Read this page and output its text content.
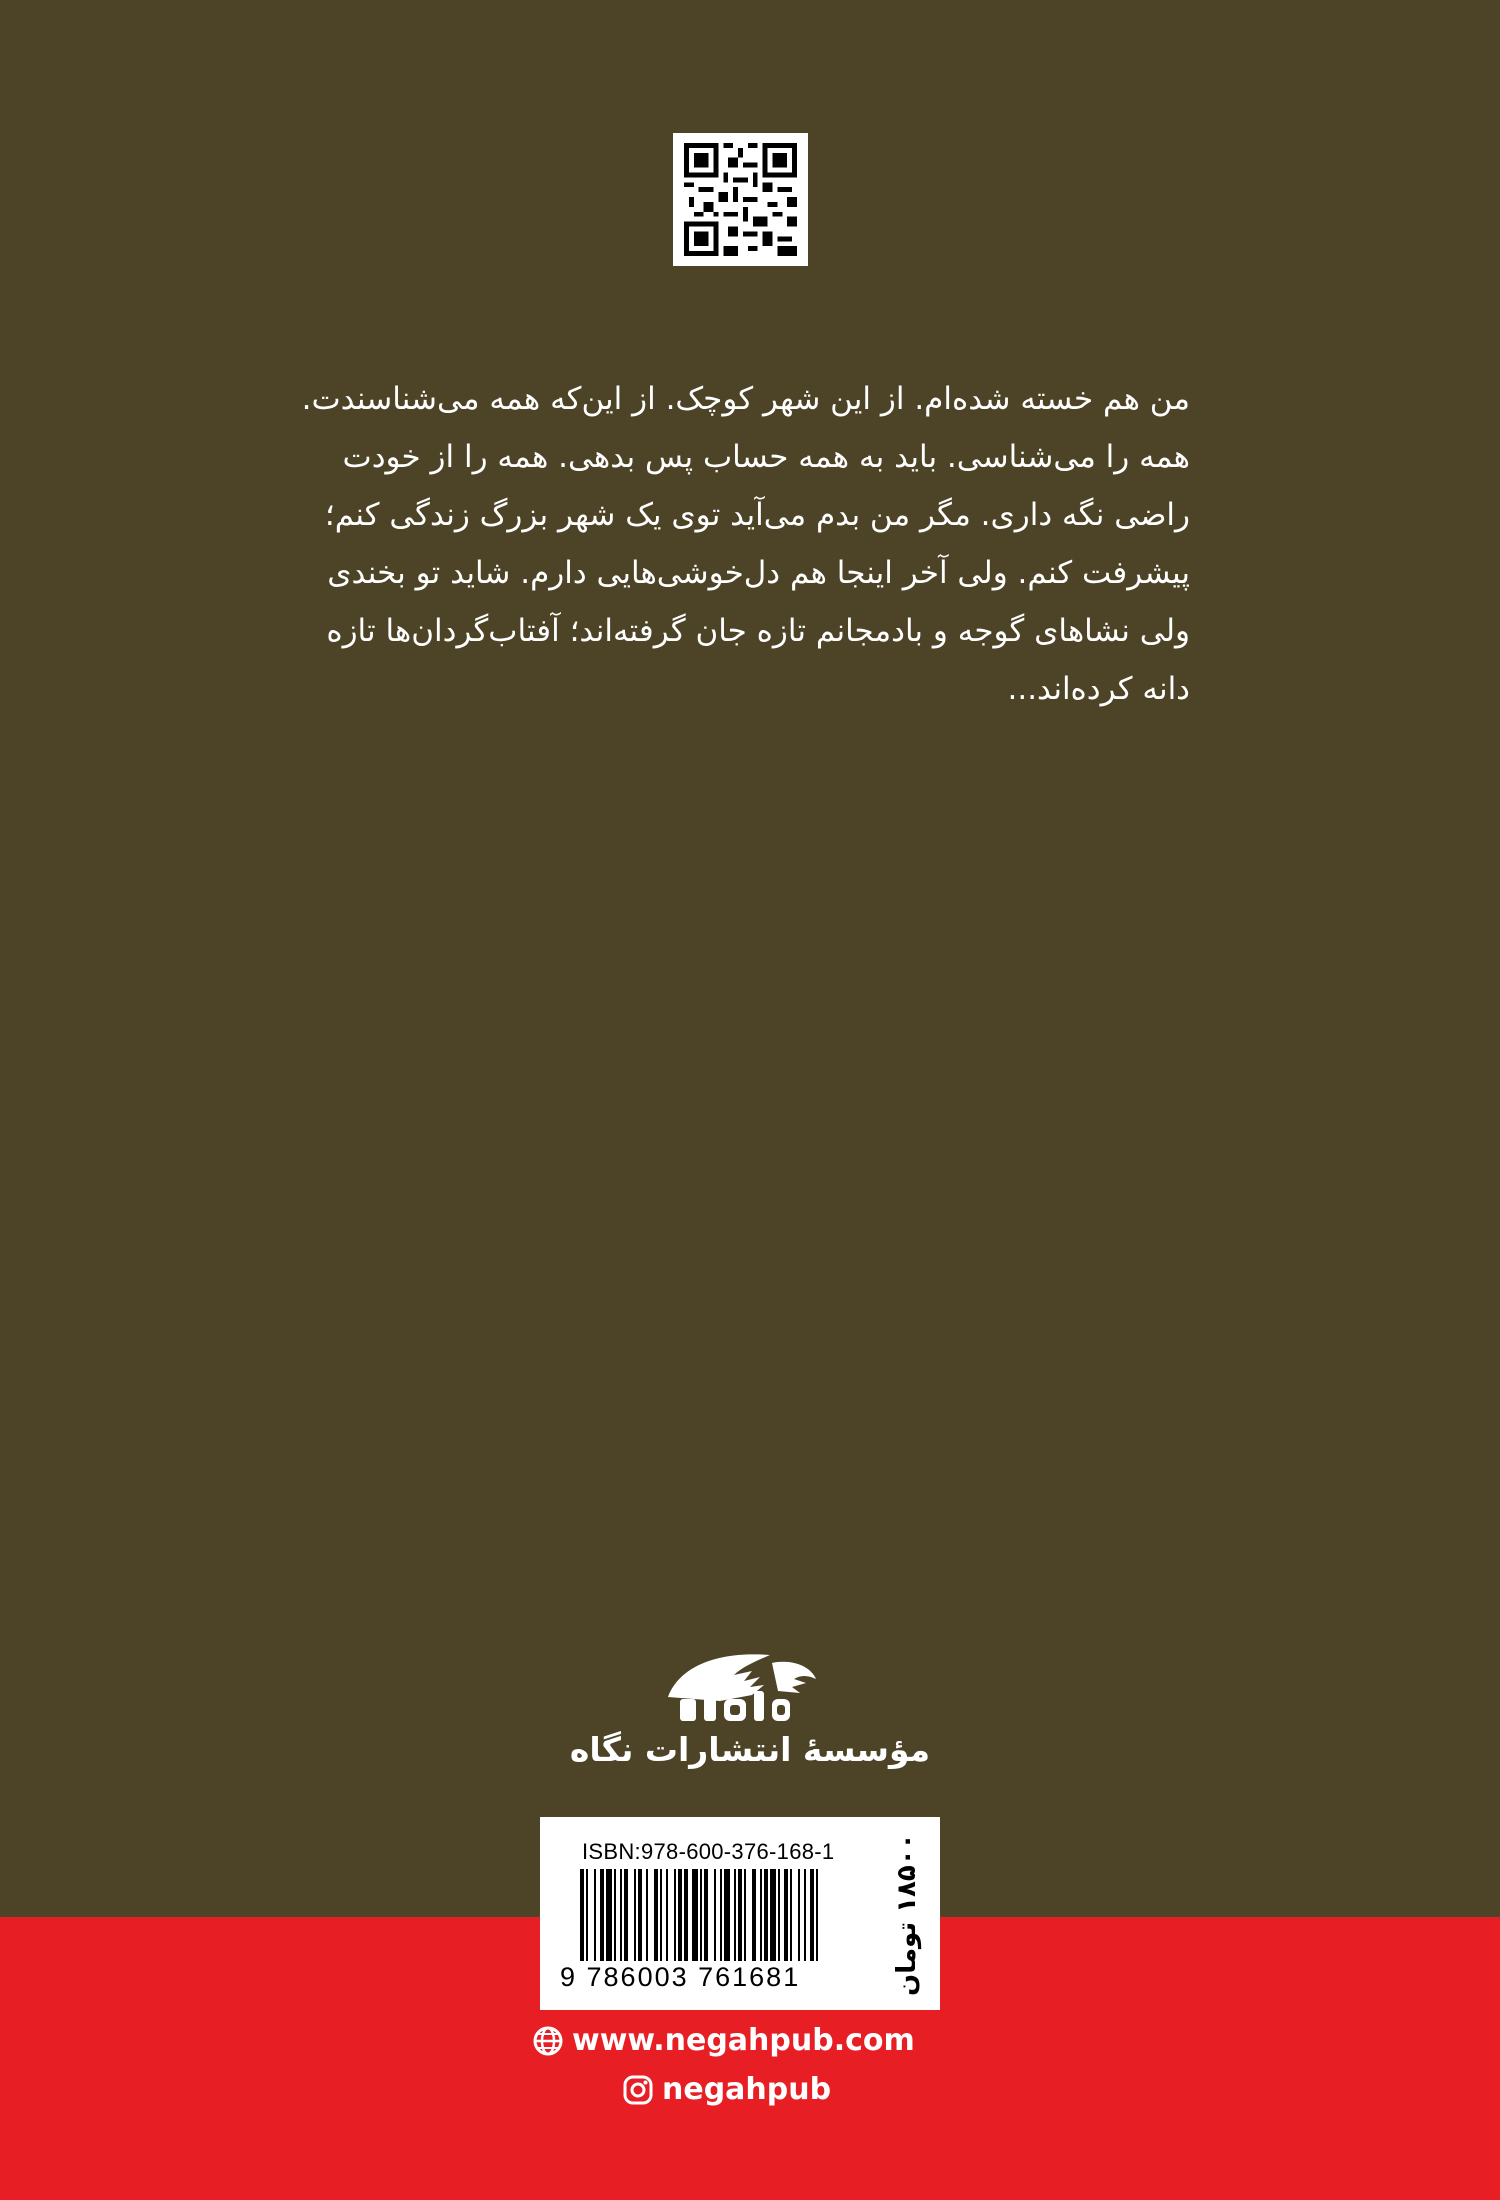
من هم خسته شده‌ام. از این شهر کوچک. از این‌که همه می‌شناسندت.
همه را می‌شناسی. باید به همه حساب پس بدهی. همه را از خودت
راضی نگه داری. مگر من بدم می‌آید توی یک شهر بزرگ زندگی کنم؛
پیشرفت کنم. ولی آخر اینجا هم دل‌خوشی‌هایی دارم. شاید تو بخندی
ولی نشاهای گوجه و بادمجانم تازه جان گرفته‌اند؛ آفتاب‌گردان‌ها تازه
دانه کرده‌اند...
مؤسسهٔ انتشارات نگاه
ISBN:978-600-376-168-1
9 786003 761681	۱۸۵۰۰ تومان
www.negahpub.com
negahpub
